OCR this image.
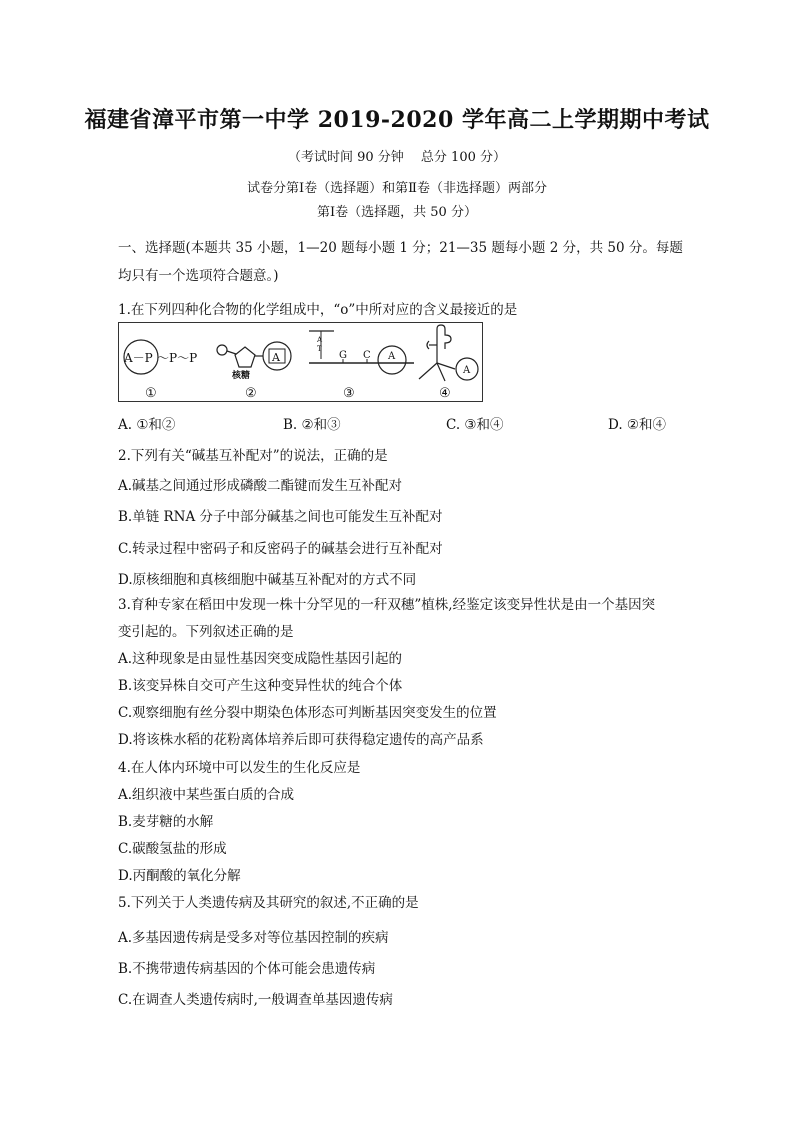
福建省漳平市第一中学 2019-2020 学年高二上学期期中考试
（考试时间 90 分钟　 总分 100 分）
试卷分第Ⅰ卷（选择题）和第Ⅱ卷（非选择题）两部分
第Ⅰ卷（选择题，共 50 分）
一、选择题(本题共 35 小题，1—20 题每小题 1 分；21—35 题每小题 2 分，共 50 分。每题
均只有一个选项符合题意。)
1.在下列四种化合物的化学组成中，“o”中所对应的含义最接近的是
A－P ～P～P
①
A
核糖
②
A
T
G C A
③
A
④
A. ①和②	B. ②和③	C. ③和④	D. ②和④
2.下列有关“碱基互补配对”的说法，正确的是
A.碱基之间通过形成磷酸二酯键而发生互补配对
B.单链 RNA 分子中部分碱基之间也可能发生互补配对
C.转录过程中密码子和反密码子的碱基会进行互补配对
D.原核细胞和真核细胞中碱基互补配对的方式不同
3.育种专家在稻田中发现一株十分罕见的一秆双穗”植株,经鉴定该变异性状是由一个基因突
变引起的。下列叙述正确的是
A.这种现象是由显性基因突变成隐性基因引起的
B.该变异株自交可产生这种变异性状的纯合个体
C.观察细胞有丝分裂中期染色体形态可判断基因突变发生的位置
D.将该株水稻的花粉离体培养后即可获得稳定遗传的高产品系
4.在人体内环境中可以发生的生化反应是
A.组织液中某些蛋白质的合成
B.麦芽糖的水解
C.碳酸氢盐的形成
D.丙酮酸的氧化分解
5.下列关于人类遗传病及其研究的叙述,不正确的是
A.多基因遗传病是受多对等位基因控制的疾病
B.不携带遗传病基因的个体可能会患遗传病
C.在调查人类遗传病时,一般调查单基因遗传病
